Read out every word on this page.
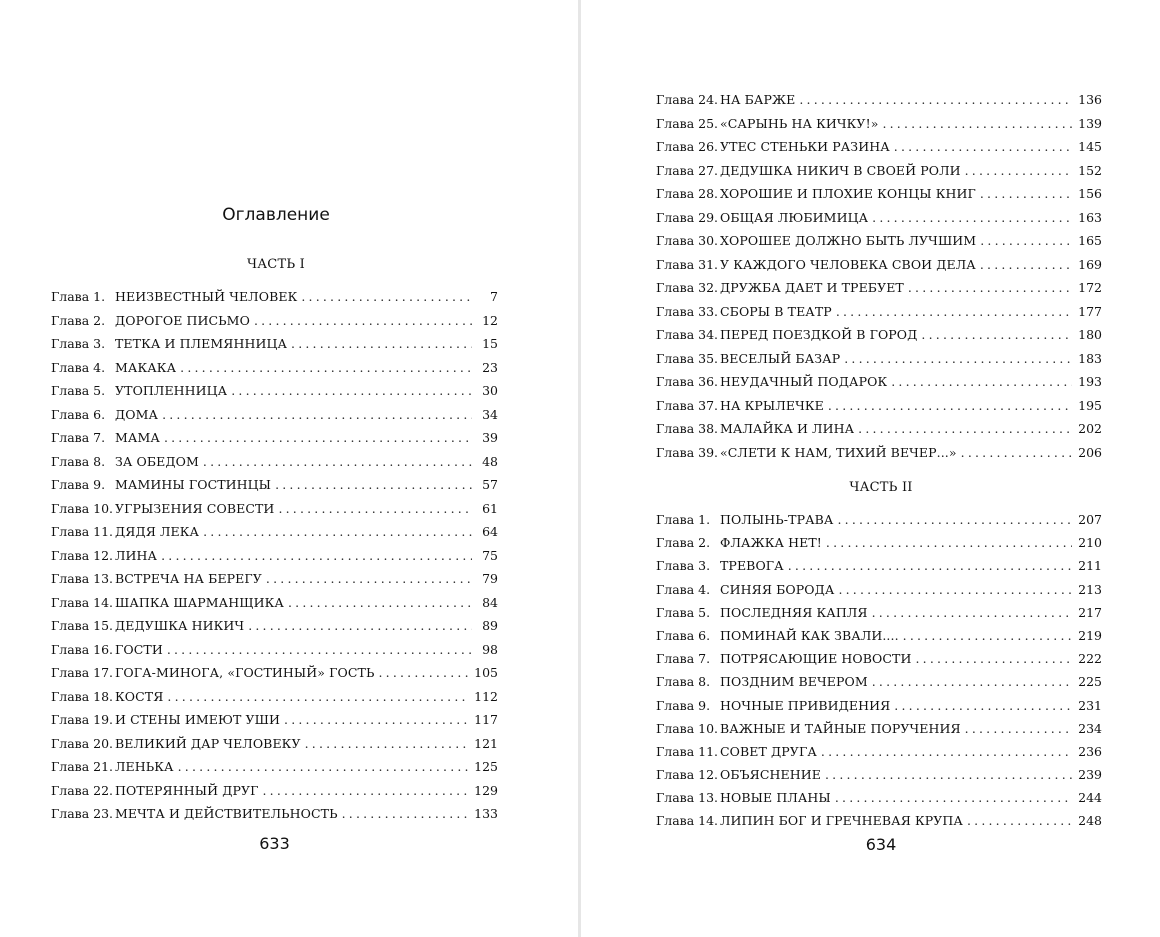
Оглавление
ЧАСТЬ I
Глава 1. НЕИЗВЕСТНЫЙ ЧЕЛОВЕК .....	7
Глава 2. ДОРОГОЕ ПИСЬМО .....	12
Глава 3. ТЕТКА И ПЛЕМЯННИЦА .....	15
Глава 4. МАКАКА .....	23
Глава 5. УТОПЛЕННИЦА .....	30
Глава 6. ДОМА .....	34
Глава 7. МАМА .....	39
Глава 8. ЗА ОБЕДОМ .....	48
Глава 9. МАМИНЫ ГОСТИНЦЫ .....	57
Глава 10. УГРЫЗЕНИЯ СОВЕСТИ .....	61
Глава 11. ДЯДЯ ЛЕКА .....	64
Глава 12. ЛИНА .....	75
Глава 13. ВСТРЕЧА НА БЕРЕГУ .....	79
Глава 14. ШАПКА ШАРМАНЩИКА .....	84
Глава 15. ДЕДУШКА НИКИЧ .....	89
Глава 16. ГОСТИ .....	98
Глава 17. ГОГА-МИНОГА, «ГОСТИНЫЙ» ГОСТЬ .....	105
Глава 18. КОСТЯ .....	112
Глава 19. И СТЕНЫ ИМЕЮТ УШИ .....	117
Глава 20. ВЕЛИКИЙ ДАР ЧЕЛОВЕКУ .....	121
Глава 21. ЛЕНЬКА .....	125
Глава 22. ПОТЕРЯННЫЙ ДРУГ .....	129
Глава 23. МЕЧТА И ДЕЙСТВИТЕЛЬНОСТЬ .....	133
633
Глава 24. НА БАРЖЕ .....	136
Глава 25. «САРЫНЬ НА КИЧКУ!» .....	139
Глава 26. УТЕС СТЕНЬКИ РАЗИНА .....	145
Глава 27. ДЕДУШКА НИКИЧ В СВОЕЙ РОЛИ .....	152
Глава 28. ХОРОШИЕ И ПЛОХИЕ КОНЦЫ КНИГ .....	156
Глава 29. ОБЩАЯ ЛЮБИМИЦА .....	163
Глава 30. ХОРОШЕЕ ДОЛЖНО БЫТЬ ЛУЧШИМ .....	165
Глава 31. У КАЖДОГО ЧЕЛОВЕКА СВОИ ДЕЛА .....	169
Глава 32. ДРУЖБА ДАЕТ И ТРЕБУЕТ .....	172
Глава 33. СБОРЫ В ТЕАТР .....	177
Глава 34. ПЕРЕД ПОЕЗДКОЙ В ГОРОД .....	180
Глава 35. ВЕСЕЛЫЙ БАЗАР .....	183
Глава 36. НЕУДАЧНЫЙ ПОДАРОК .....	193
Глава 37. НА КРЫЛЕЧКЕ .....	195
Глава 38. МАЛАЙКА И ЛИНА .....	202
Глава 39. «СЛЕТИ К НАМ, ТИХИЙ ВЕЧЕР...» .....	206
ЧАСТЬ II
Глава 1. ПОЛЫНЬ-ТРАВА .....	207
Глава 2. ФЛАЖКА НЕТ! .....	210
Глава 3. ТРЕВОГА .....	211
Глава 4. СИНЯЯ БОРОДА .....	213
Глава 5. ПОСЛЕДНЯЯ КАПЛЯ .....	217
Глава 6. ПОМИНАЙ КАК ЗВАЛИ.... .....	219
Глава 7. ПОТРЯСАЮЩИЕ НОВОСТИ .....	222
Глава 8. ПОЗДНИМ ВЕЧЕРОМ .....	225
Глава 9. НОЧНЫЕ ПРИВИДЕНИЯ .....	231
Глава 10. ВАЖНЫЕ И ТАЙНЫЕ ПОРУЧЕНИЯ .....	234
Глава 11. СОВЕТ ДРУГА .....	236
Глава 12. ОБЪЯСНЕНИЕ .....	239
Глава 13. НОВЫЕ ПЛАНЫ .....	244
Глава 14. ЛИПИН БОГ И ГРЕЧНЕВАЯ КРУПА .....	248
634
